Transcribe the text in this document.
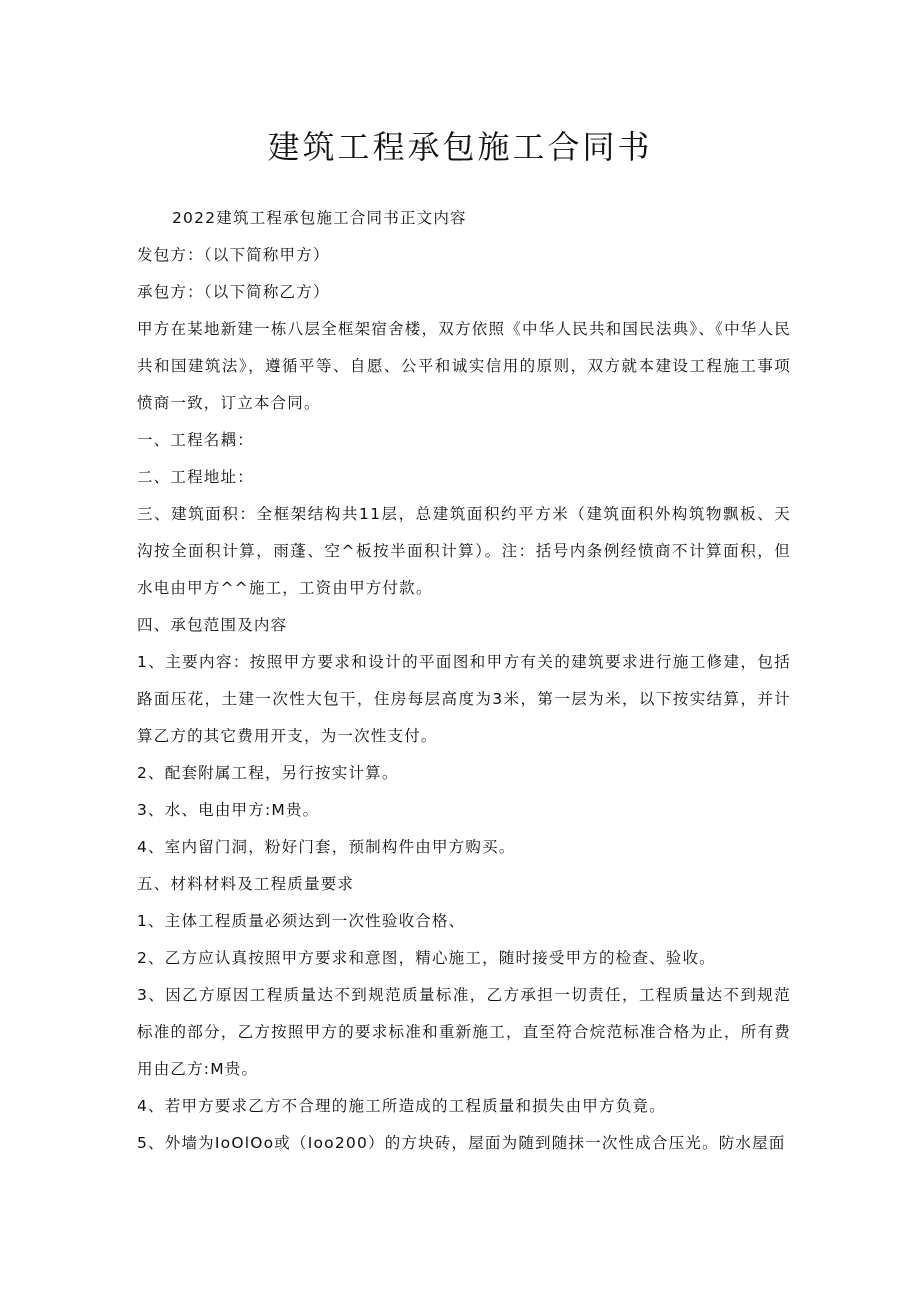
建筑工程承包施工合同书

2022建筑工程承包施工合同书正文内容

发包方：（以下简称甲方）

承包方：（以下简称乙方）

甲方在某地新建一栋八层全框架宿舍楼，双方依照《中华人民共和国民法典》、《中华人民共和国建筑法》，遵循平等、自愿、公平和诚实信用的原则，双方就本建设工程施工事项愤商一致，订立本合同。

一、工程名耦：

二、工程地址：

三、建筑面积：全框架结构共11层，总建筑面积约平方米（建筑面积外构筑物飘板、天沟按全面积计算，雨蓬、空^板按半面积计算）。注：括号内条例经愤商不计算面积，但水电由甲方^^施工，工资由甲方付款。

四、承包范围及内容

1、主要内容：按照甲方要求和设计的平面图和甲方有关的建筑要求进行施工修建，包括路面压花，土建一次性大包干，住房每层高度为3米，第一层为米，以下按实结算，并计算乙方的其它费用开支，为一次性支付。

2、配套附属工程，另行按实计算。

3、水、电由甲方:M贵。

4、室内留门洞，粉好门套，预制构件由甲方购买。

五、材料材料及工程质量要求

1、主体工程质量必须达到一次性验收合格、

2、乙方应认真按照甲方要求和意图，精心施工，随时接受甲方的检查、验收。

3、因乙方原因工程质量达不到规范质量标准，乙方承担一切责任，工程质量达不到规范标准的部分，乙方按照甲方的要求标准和重新施工，直至符合烷范标准合格为止，所有费用由乙方:M贵。

4、若甲方要求乙方不合理的施工所造成的工程质量和损失由甲方负竟。

5、外墙为IoOlOo或（Ioo200）的方块砖，屋面为随到随抹一次性成合压光。防水屋面
